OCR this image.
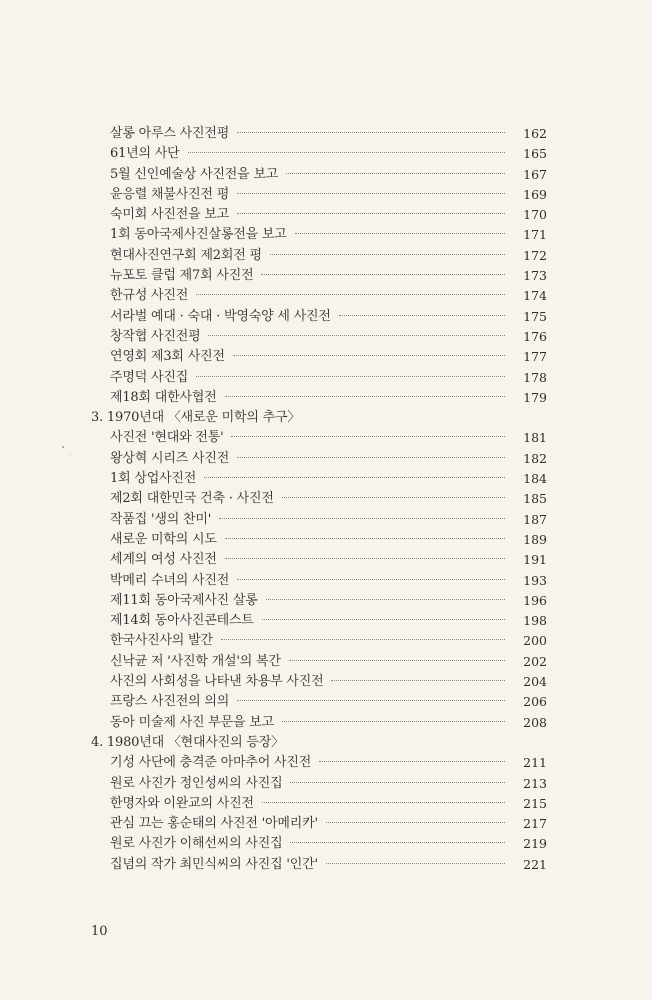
살롱 아루스 사진전평	162
61년의 사단	165
5월 신인예술상 사진전을 보고	167
윤응렬 채불사진전 평	169
숙미회 사진전을 보고	170
1회 동아국제사진살롱전을 보고	171
현대사진연구회 제2회전 평	172
뉴포토 클럽 제7회 사진전	173
한규성 사진전	174
서라벌 예대 · 숙대 · 박영숙양 세 사진전	175
창작협 사진전평	176
연영회 제3회 사진전	177
주명덕 사진집	178
제18회 대한사협전	179
3. 1970년대 〈새로운 미학의 추구〉
사진전 '현대와 전통'	181
왕상혁 시리즈 사진전	182
1회 상업사진전	184
제2회 대한민국 건축 · 사진전	185
작품집 '생의 찬미'	187
새로운 미학의 시도	189
세계의 여성 사진전	191
박메리 수녀의 사진전	193
제11회 동아국제사진 살롱	196
제14회 동아사진콘테스트	198
한국사진사의 발간	200
신낙균 저 '사진학 개설'의 복간	202
사진의 사회성을 나타낸 차용부 사진전	204
프랑스 사진전의 의의	206
동아 미술제 사진 부문을 보고	208
4. 1980년대 〈현대사진의 등장〉
기성 사단에 충격준 아마추어 사진전	211
원로 사진가 정인성씨의 사진집	213
한명자와 이완교의 사진전	215
관심 끄는 홍순태의 사진전 '아메리카'	217
원로 사진가 이해선씨의 사진집	219
집념의 작가 최민식씨의 사진집 '인간'	221
10
